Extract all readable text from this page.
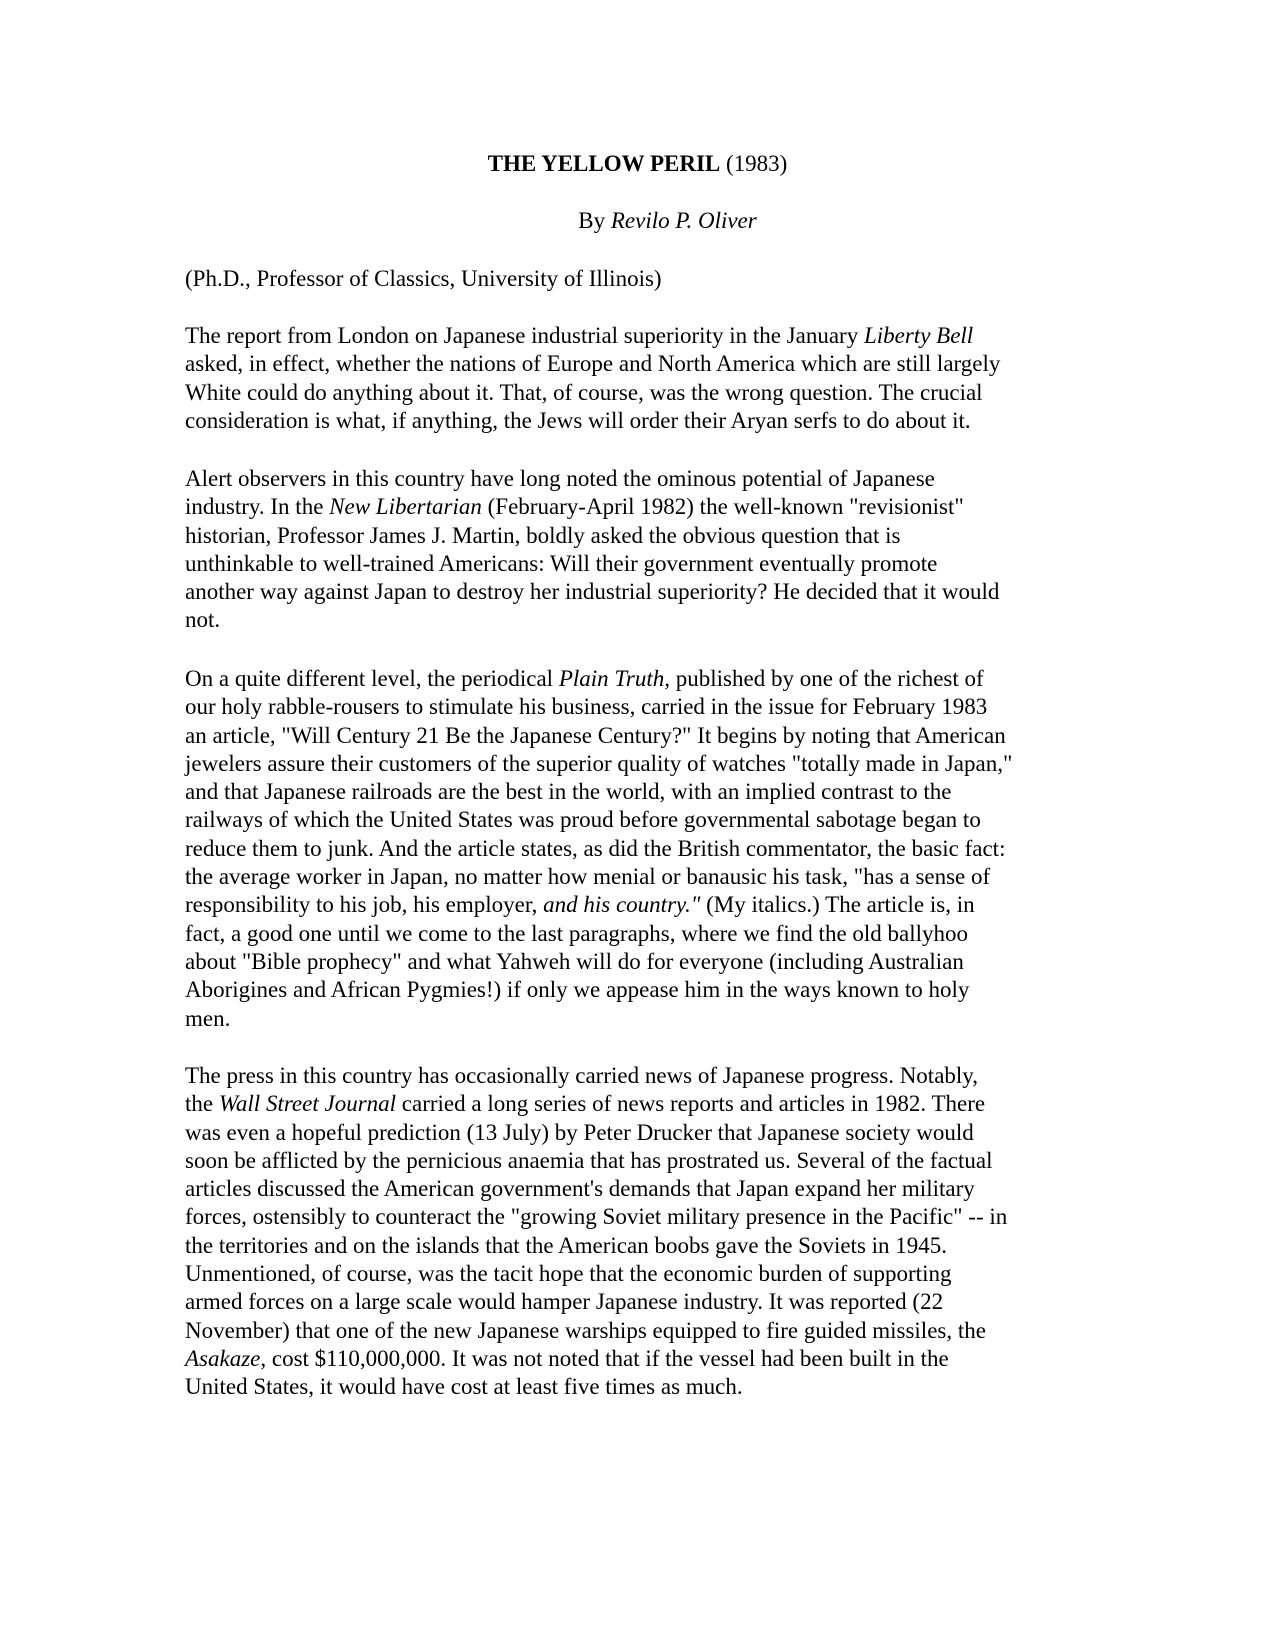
THE YELLOW PERIL (1983)
By Revilo P. Oliver
(Ph.D., Professor of Classics, University of Illinois)
The report from London on Japanese industrial superiority in the January Liberty Bell
asked, in effect, whether the nations of Europe and North America which are still largely
White could do anything about it. That, of course, was the wrong question. The crucial
consideration is what, if anything, the Jews will order their Aryan serfs to do about it.
Alert observers in this country have long noted the ominous potential of Japanese
industry. In the New Libertarian (February-April 1982) the well-known "revisionist"
historian, Professor James J. Martin, boldly asked the obvious question that is
unthinkable to well-trained Americans: Will their government eventually promote
another way against Japan to destroy her industrial superiority? He decided that it would
not.
On a quite different level, the periodical Plain Truth, published by one of the richest of
our holy rabble-rousers to stimulate his business, carried in the issue for February 1983
an article, "Will Century 21 Be the Japanese Century?" It begins by noting that American
jewelers assure their customers of the superior quality of watches "totally made in Japan,"
and that Japanese railroads are the best in the world, with an implied contrast to the
railways of which the United States was proud before governmental sabotage began to
reduce them to junk. And the article states, as did the British commentator, the basic fact:
the average worker in Japan, no matter how menial or banausic his task, "has a sense of
responsibility to his job, his employer, and his country." (My italics.) The article is, in
fact, a good one until we come to the last paragraphs, where we find the old ballyhoo
about "Bible prophecy" and what Yahweh will do for everyone (including Australian
Aborigines and African Pygmies!) if only we appease him in the ways known to holy
men.
The press in this country has occasionally carried news of Japanese progress. Notably,
the Wall Street Journal carried a long series of news reports and articles in 1982. There
was even a hopeful prediction (13 July) by Peter Drucker that Japanese society would
soon be afflicted by the pernicious anaemia that has prostrated us. Several of the factual
articles discussed the American government's demands that Japan expand her military
forces, ostensibly to counteract the "growing Soviet military presence in the Pacific" -- in
the territories and on the islands that the American boobs gave the Soviets in 1945.
Unmentioned, of course, was the tacit hope that the economic burden of supporting
armed forces on a large scale would hamper Japanese industry. It was reported (22
November) that one of the new Japanese warships equipped to fire guided missiles, the
Asakaze, cost $110,000,000. It was not noted that if the vessel had been built in the
United States, it would have cost at least five times as much.
